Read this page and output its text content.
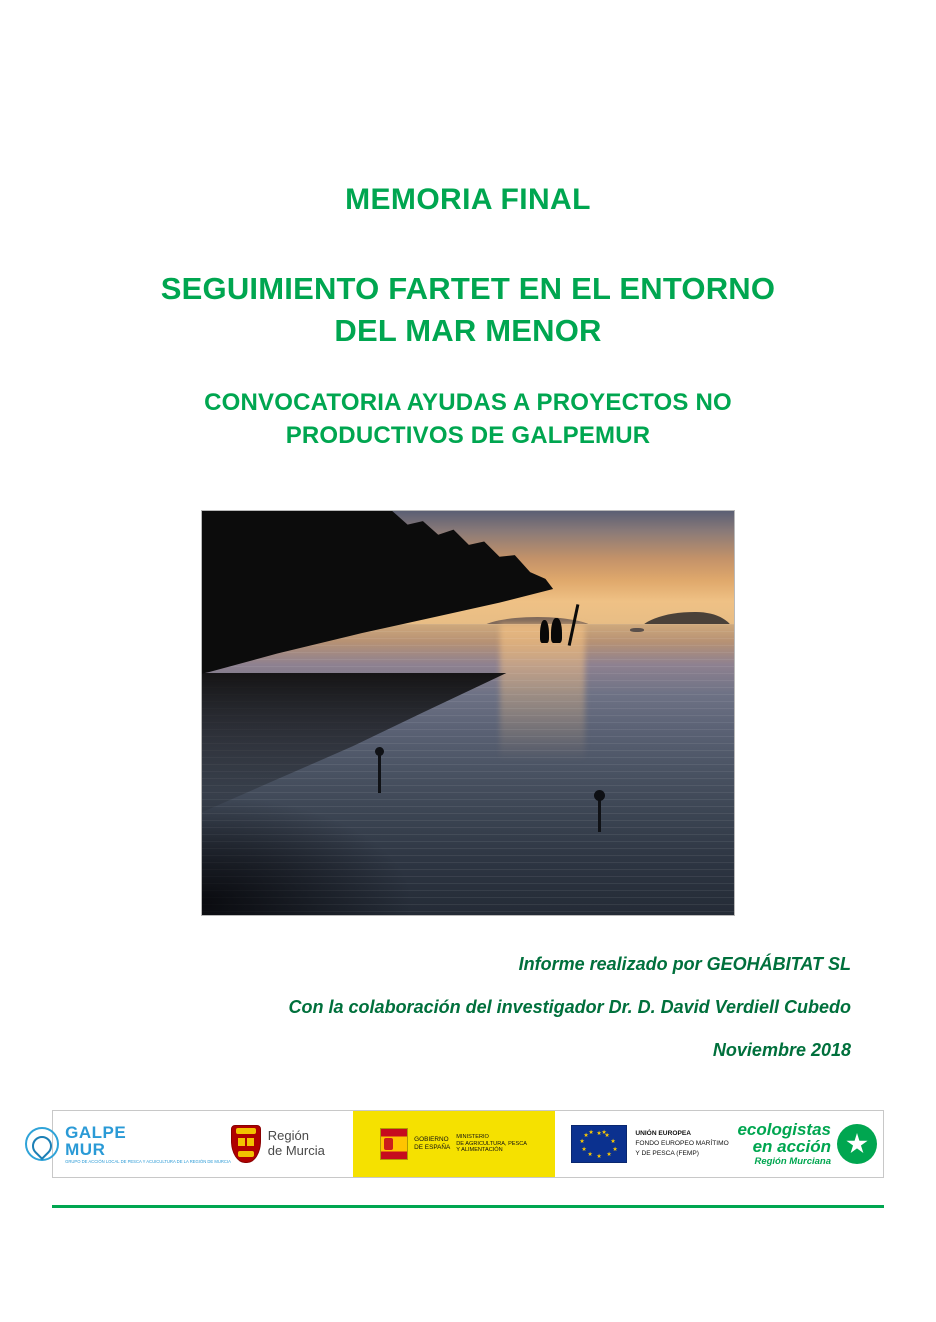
MEMORIA FINAL
SEGUIMIENTO FARTET EN EL ENTORNO
DEL MAR MENOR
CONVOCATORIA AYUDAS A PROYECTOS NO
PRODUCTIVOS DE GALPEMUR
Informe realizado por GEOHÁBITAT SL
Con la colaboración del investigador Dr. D. David Verdiell Cubedo
Noviembre 2018
GALPE
MUR
GRUPO DE ACCIÓN LOCAL DE PESCA Y ACUICULTURA DE LA REGIÓN DE MURCIA
Región
de Murcia
GOBIERNO
DE ESPAÑA
MINISTERIO
DE AGRICULTURA, PESCA
Y ALIMENTACIÓN
★ ★
★
★
★
★
★
★
★
★ ★ ★	UNIÓN EUROPEA
FONDO EUROPEO MARÍTIMO
Y DE PESCA (FEMP)
ecologistas
en acción
Región Murciana
